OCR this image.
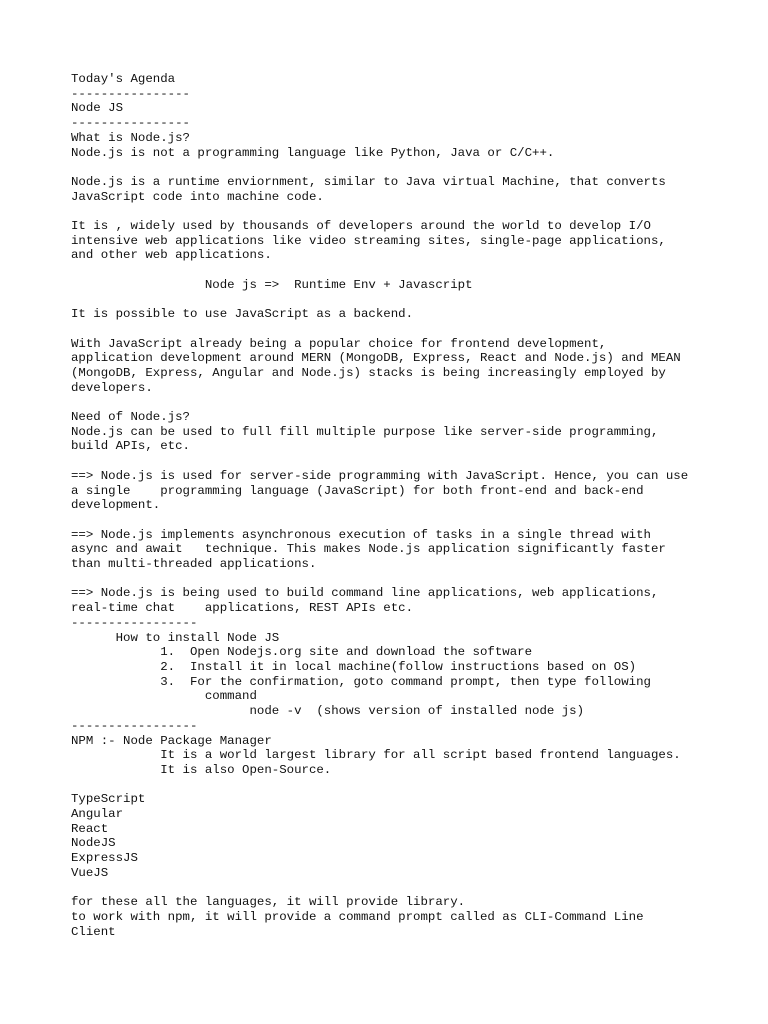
Today's Agenda
----------------
Node JS
----------------
What is Node.js?
Node.js is not a programming language like Python, Java or C/C++.
Node.js is a runtime enviornment, similar to Java virtual Machine, that converts
JavaScript code into machine code.
It is , widely used by thousands of developers around the world to develop I/O
intensive web applications like video streaming sites, single-page applications,
and other web applications.
Node js =>  Runtime Env + Javascript
It is possible to use JavaScript as a backend.
With JavaScript already being a popular choice for frontend development,
application development around MERN (MongoDB, Express, React and Node.js) and MEAN
(MongoDB, Express, Angular and Node.js) stacks is being increasingly employed by
developers.
Need of Node.js?
Node.js can be used to full fill multiple purpose like server-side programming,
build APIs, etc.
==> Node.js is used for server-side programming with JavaScript. Hence, you can use
a single    programming language (JavaScript) for both front-end and back-end
development.
==> Node.js implements asynchronous execution of tasks in a single thread with
async and await   technique. This makes Node.js application significantly faster
than multi-threaded applications.
==> Node.js is being used to build command line applications, web applications,
real-time chat    applications, REST APIs etc.
-----------------
How to install Node JS
1.  Open Nodejs.org site and download the software
2.  Install it in local machine(follow instructions based on OS)
3.  For the confirmation, goto command prompt, then type following
command
node -v  (shows version of installed node js)
-----------------
NPM :- Node Package Manager
It is a world largest library for all script based frontend languages.
It is also Open-Source.
TypeScript
Angular
React
NodeJS
ExpressJS
VueJS
for these all the languages, it will provide library.
to work with npm, it will provide a command prompt called as CLI-Command Line
Client
